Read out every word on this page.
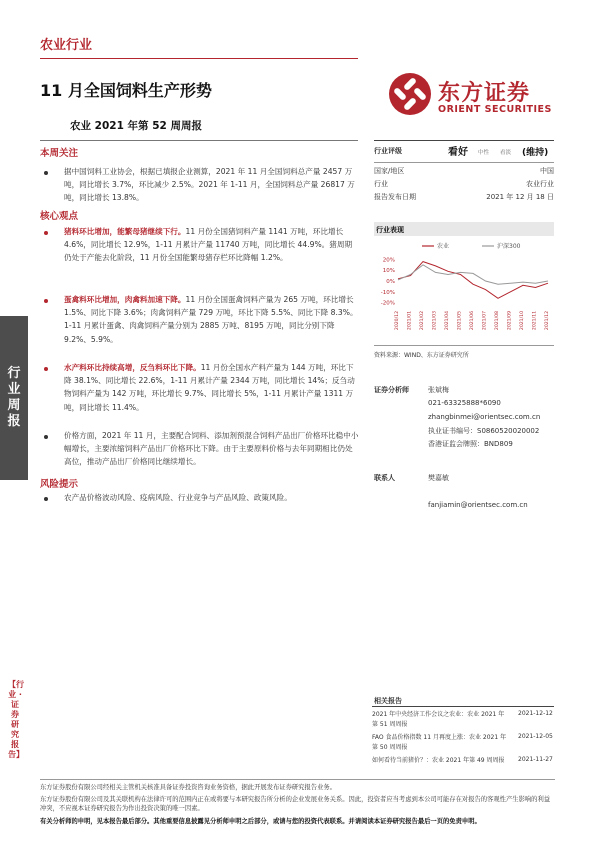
农业行业
11 月全国饲料生产形势
农业 2021 年第 52 周周报
东方证券
ORIENT SECURITIES
本周关注
据中国饲料工业协会，根据已填报企业测算，2021 年 11 月全国饲料总产量 2457 万吨，同比增长 3.7%，环比减少 2.5%。2021 年 1-11 月，全国饲料总产量 26817 万吨，同比增长 13.8%。
核心观点
猪料环比增加，能繁母猪继续下行。11 月份全国猪饲料产量 1141 万吨，环比增长 4.6%，同比增长 12.9%，1-11 月累计产量 11740 万吨，同比增长 44.9%。猪周期仍处于产能去化阶段，11 月份全国能繁母猪存栏环比降幅 1.2%。
蛋禽料环比增加，肉禽料加速下降。11 月份全国蛋禽饲料产量为 265 万吨，环比增长 1.5%、同比下降 3.6%；肉禽饲料产量 729 万吨，环比下降 5.5%、同比下降 8.3%。1-11 月累计蛋禽、肉禽饲料产量分别为 2885 万吨、8195 万吨，同比分别下降 9.2%、5.9%。
水产料环比持续高增，反刍料环比下降。11 月份全国水产料产量为 144 万吨，环比下降 38.1%、同比增长 22.6%，1-11 月累计产量 2344 万吨，同比增长 14%；反刍动物饲料产量为 142 万吨，环比增长 9.7%、同比增长 5%，1-11 月累计产量 1311 万吨，同比增长 11.4%。
价格方面，2021 年 11 月，主要配合饲料、添加剂预混合饲料产品出厂价格环比稳中小幅增长，主要浓缩饲料产品出厂价格环比下降。由于主要原料价格与去年同期相比仍处高位，推动产品出厂价格同比继续增长。
风险提示
农产品价格波动风险、疫病风险、行业竞争与产品风险、政策风险。
行业周报
【行业 · 证券研究报告】
行业评级	看好 中性 看淡 (维持)
国家/地区	中国
行业	农业行业
报告发布日期	2021 年 12 月 18 日
行业表现
20%
10%
0%
-10%
-20%
2020/12 2021/01 2021/02 2021/03 2021/04 2021/05 2021/06 2021/07 2021/08 2021/09 2021/10 2021/11 2021/12
农业	沪深300
资料来源：WIND、东方证券研究所
证券分析师	张斌梅
021-63325888*6090
zhangbinmei@orientsec.com.cn
执业证书编号：S0860520020002
香港证监会牌照：BND809
联系人	樊嘉敏
fanjiamin@orientsec.com.cn
相关报告
2021 年中央经济工作会议之农业：农业 2021 年第 51 周周报
2021-12-12
FAO 食品价格指数 11 月再度上涨：农业 2021 年第 50 周周报
2021-12-05
如何看待当前猪价？：农业 2021 年第 49 周周报	2021-11-27
东方证券股份有限公司经相关主管机关核准具备证券投资咨询业务资格，据此开展发布证券研究报告业务。
东方证券股份有限公司及其关联机构在法律许可的范围内正在或将要与本研究报告所分析的企业发展业务关系。因此，投资者应当考虑到本公司可能存在对报告的客观性产生影响的利益冲突，不应视本证券研究报告为作出投资决策的唯一因素。
有关分析师的申明，见本报告最后部分。其他重要信息披露见分析师申明之后部分，或请与您的投资代表联系。并请阅读本证券研究报告最后一页的免责申明。
